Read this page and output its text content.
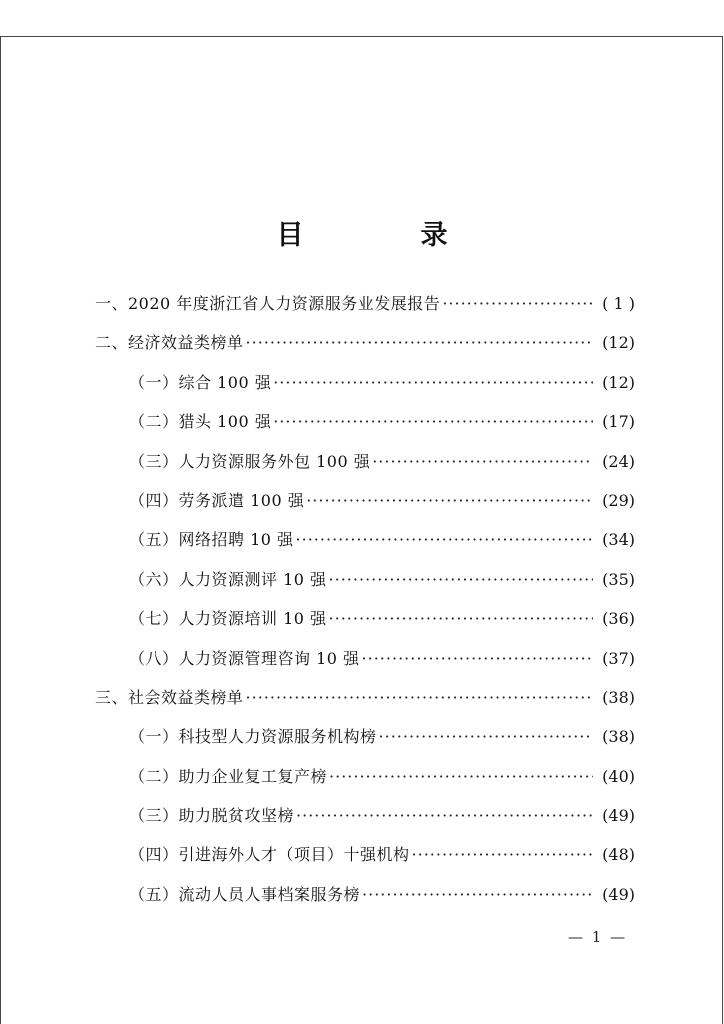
目　录
一、2020 年度浙江省人力资源服务业发展报告 ·····	( 1 )
二、经济效益类榜单 ·····	(12)
（一）综合 100 强 ·····	(12)
（二）猎头 100 强 ·····	(17)
（三）人力资源服务外包 100 强 ·····	(24)
（四）劳务派遣 100 强 ·····	(29)
（五）网络招聘 10 强 ·····	(34)
（六）人力资源测评 10 强 ·····	(35)
（七）人力资源培训 10 强 ·····	(36)
（八）人力资源管理咨询 10 强 ·····	(37)
三、社会效益类榜单 ·····	(38)
（一）科技型人力资源服务机构榜 ·····	(38)
（二）助力企业复工复产榜 ·····	(40)
（三）助力脱贫攻坚榜 ·····	(49)
（四）引进海外人才（项目）十强机构 ·····	(48)
（五）流动人员人事档案服务榜 ·····	(49)
— 1 —
